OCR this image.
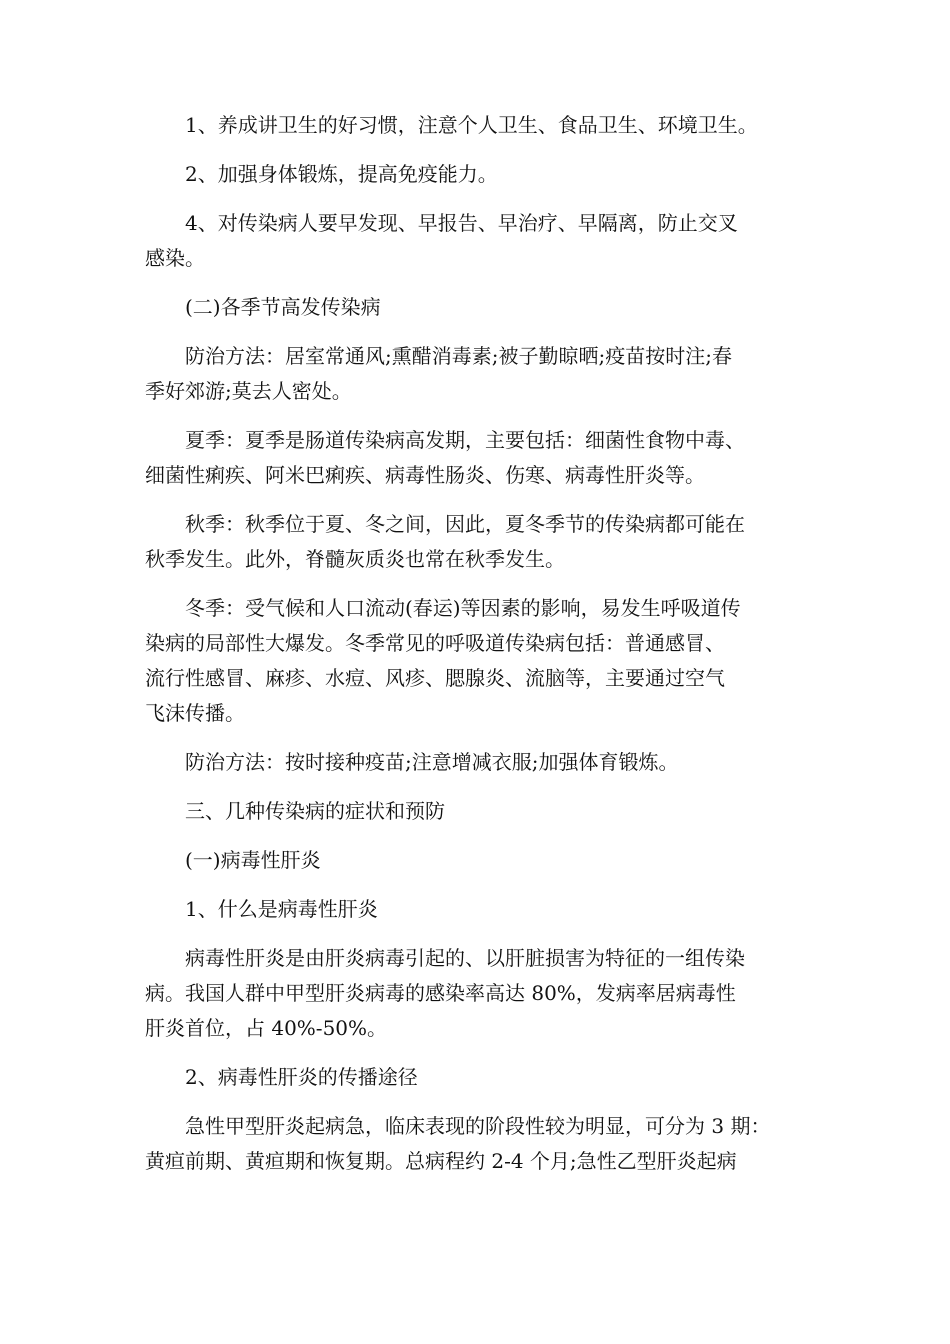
1、养成讲卫生的好习惯，注意个人卫生、食品卫生、环境卫生。
2、加强身体锻炼，提高免疫能力。
4、对传染病人要早发现、早报告、早治疗、早隔离，防止交叉
感染。
(二)各季节高发传染病
防治方法：居室常通风;熏醋消毒素;被子勤晾晒;疫苗按时注;春
季好郊游;莫去人密处。
夏季：夏季是肠道传染病高发期，主要包括：细菌性食物中毒、
细菌性痢疾、阿米巴痢疾、病毒性肠炎、伤寒、病毒性肝炎等。
秋季：秋季位于夏、冬之间，因此，夏冬季节的传染病都可能在
秋季发生。此外，脊髓灰质炎也常在秋季发生。
冬季：受气候和人口流动(春运)等因素的影响，易发生呼吸道传
染病的局部性大爆发。冬季常见的呼吸道传染病包括：普通感冒、
流行性感冒、麻疹、水痘、风疹、腮腺炎、流脑等，主要通过空气
飞沫传播。
防治方法：按时接种疫苗;注意增减衣服;加强体育锻炼。
三、几种传染病的症状和预防
(一)病毒性肝炎
1、什么是病毒性肝炎
病毒性肝炎是由肝炎病毒引起的、以肝脏损害为特征的一组传染
病。我国人群中甲型肝炎病毒的感染率高达 80%，发病率居病毒性
肝炎首位，占 40%-50%。
2、病毒性肝炎的传播途径
急性甲型肝炎起病急，临床表现的阶段性较为明显，可分为 3 期：
黄疸前期、黄疸期和恢复期。总病程约 2-4 个月;急性乙型肝炎起病
